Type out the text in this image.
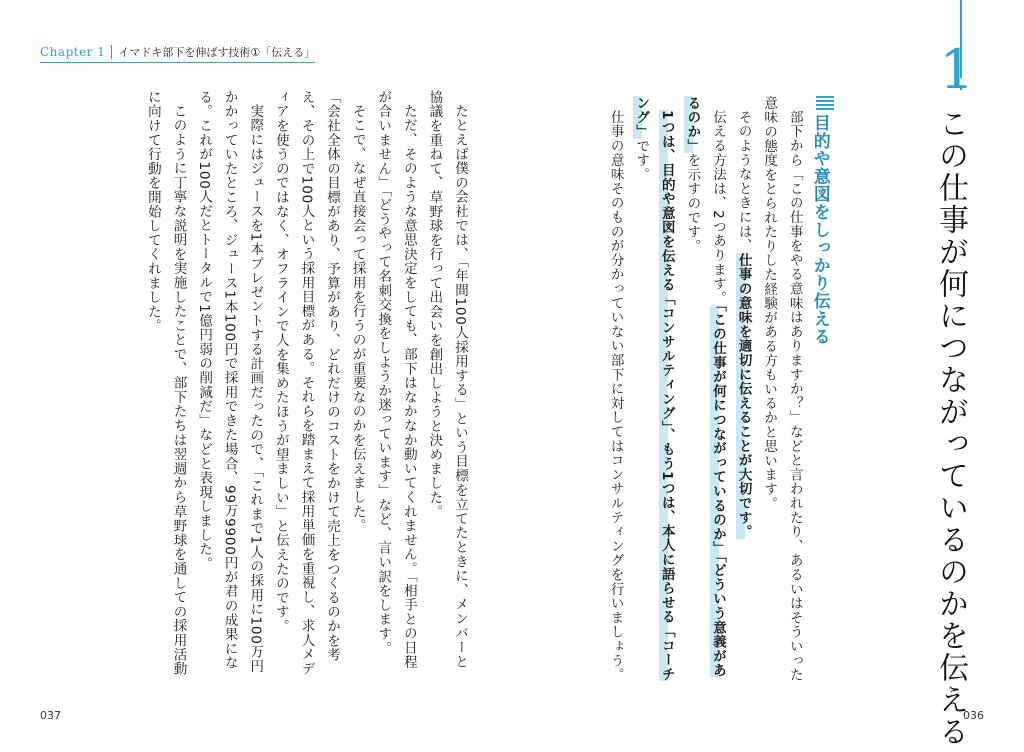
Chapter 1 イマドキ部下を伸ばす技術①「伝える」

たとえば僕の会社では、「年間100人採用する」という目標を立てたときに、メンバーと協議を重ねて、草野球を行って出会いを創出しようと決めました。

ただ、そのような意思決定をしても、部下はなかなか動いてくれません。「相手との日程が合いません」「どうやって名刺交換をしようか迷っています」など、言い訳をします。

そこで、なぜ直接会って採用を行うのが重要なのかを伝えました。

「会社全体の目標があり、予算があり、どれだけのコストをかけて売上をつくるのかを考え、その上で100人という採用目標がある。それらを踏まえて採用単価を重視し、求人メディアを使うのではなく、オフラインで人を集めたほうが望ましい」と伝えたのです。

実際にはジュースを1本プレゼントする計画だったので、「これまで1人の採用に100万円かかっていたところ、ジュース1本100円で採用できた場合、99万9900円が君の成果になる。これが100人だとトータルで1億円弱の削減だ」などと表現しました。

このように丁寧な説明を実施したことで、部下たちは翌週から草野球を通しての採用活動に向けて行動を開始してくれました。

037
1
この仕事が何につながっているのかを伝える

目的や意図をしっかり伝える

部下から「この仕事をやる意味はありますか？」などと言われたり、あるいはそういった意味の態度をとられたりした経験がある方もいるかと思います。

そのようなときには、仕事の意味を適切に伝えることが大切です。

伝える方法は、2つあります。「この仕事が何につながっているのか」「どういう意義があるのか」を示すのです。

1つは、目的や意図を伝える「コンサルティング」、もう1つは、本人に語らせる「コーチング」です。

仕事の意味そのものが分かっていない部下に対してはコンサルティングを行いましょう。

036
